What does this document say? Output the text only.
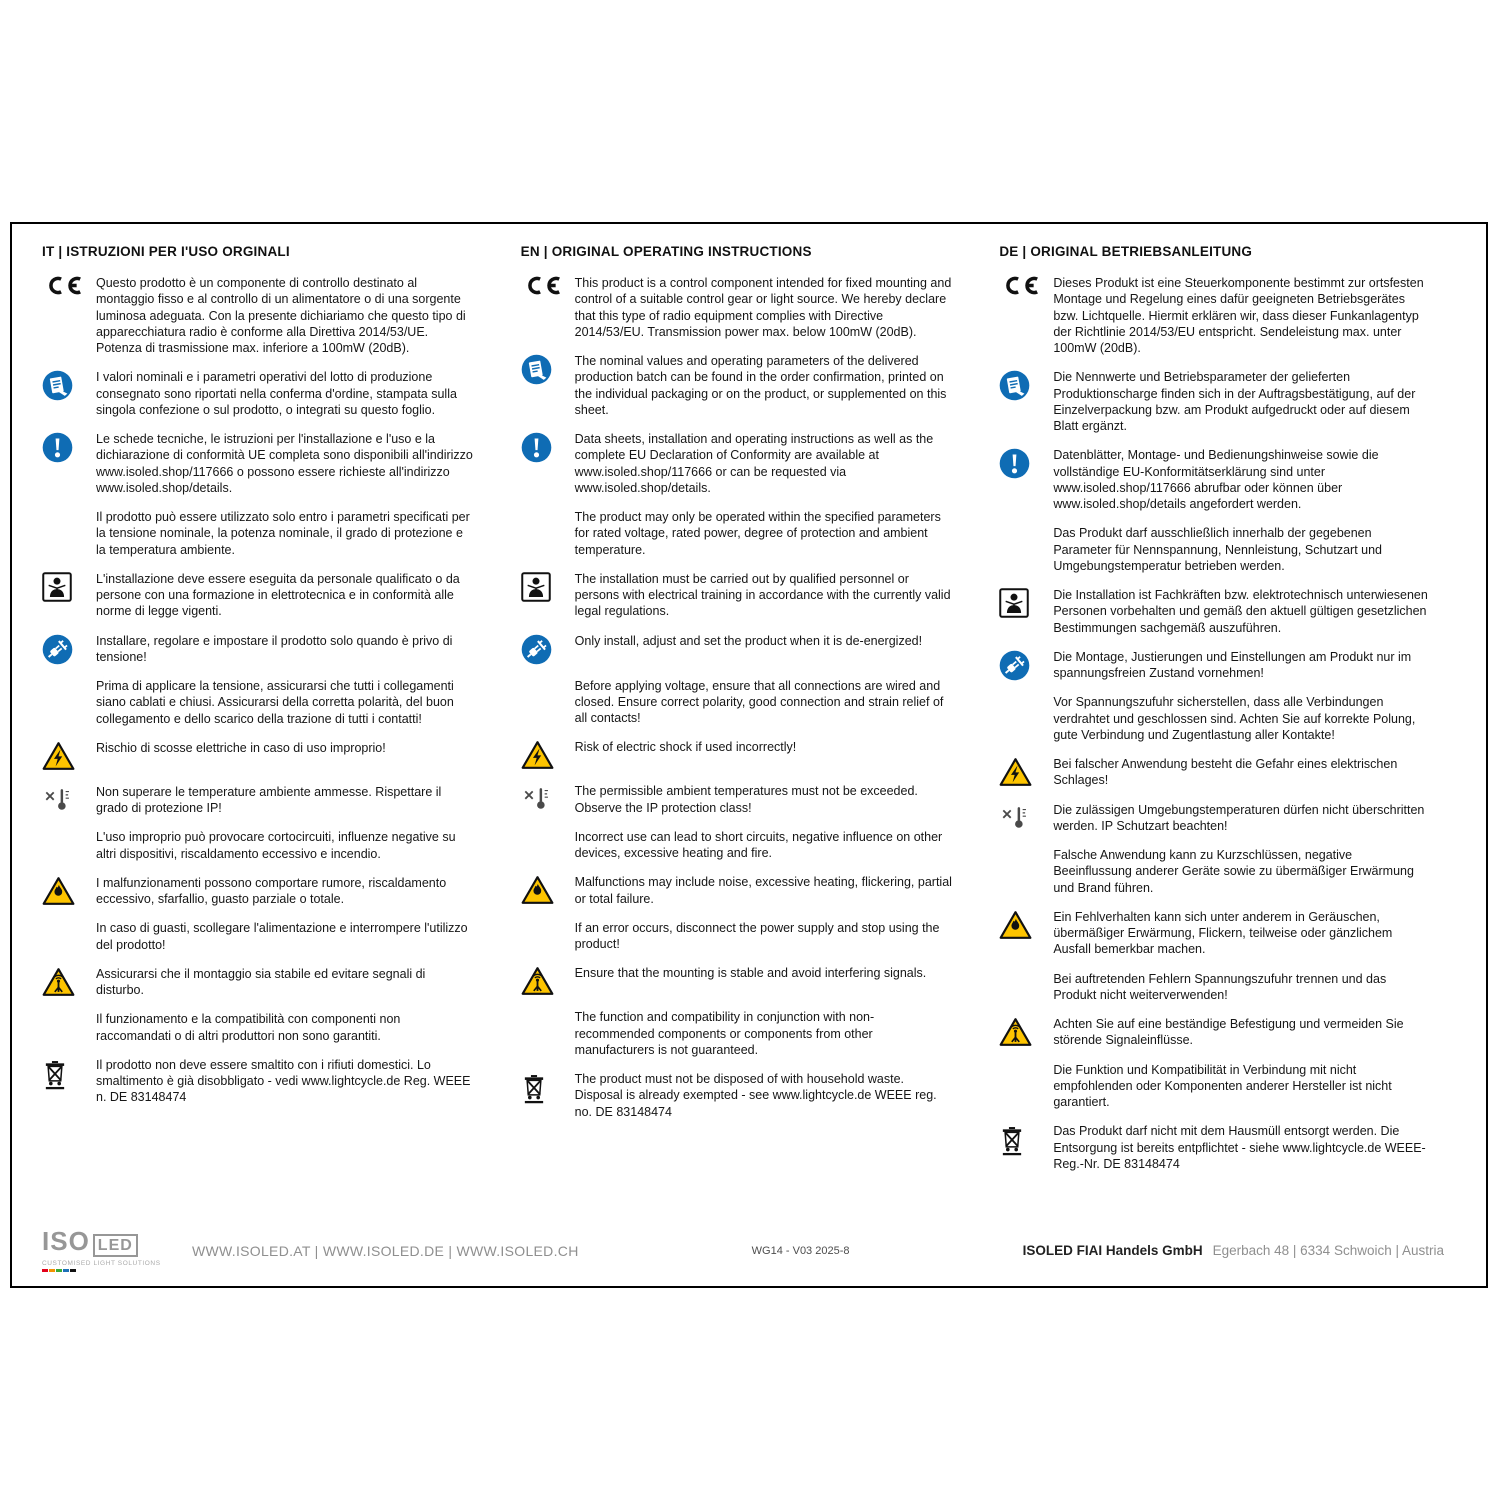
IT | ISTRUZIONI PER I'USO ORGINALI

Questo prodotto è un componente di controllo destinato al montaggio fisso e al controllo di un alimentatore o di una sorgente luminosa adeguata. Con la presente dichiariamo che questo tipo di apparecchiatura radio è conforme alla Direttiva 2014/53/UE. Potenza di trasmissione max. inferiore a 100mW (20dB).

I valori nominali e i parametri operativi del lotto di produzione consegnato sono riportati nella conferma d'ordine, stampata sulla singola confezione o sul prodotto, o integrati su questo foglio.

Le schede tecniche, le istruzioni per l'installazione e l'uso e la dichiarazione di conformità UE completa sono disponibili all'indirizzo www.isoled.shop/117666 o possono essere richieste all'indirizzo www.isoled.shop/details.

Il prodotto può essere utilizzato solo entro i parametri specificati per la tensione nominale, la potenza nominale, il grado di protezione e la temperatura ambiente.

L'installazione deve essere eseguita da personale qualificato o da persone con una formazione in elettrotecnica e in conformità alle norme di legge vigenti.

Installare, regolare e impostare il prodotto solo quando è privo di tensione!

Prima di applicare la tensione, assicurarsi che tutti i collegamenti siano cablati e chiusi. Assicurarsi della corretta polarità, del buon collegamento e dello scarico della trazione di tutti i contatti!

Rischio di scosse elettriche in caso di uso improprio!

Non superare le temperature ambiente ammesse. Rispettare il grado di protezione IP!

L'uso improprio può provocare cortocircuiti, influenze negative su altri dispositivi, riscaldamento eccessivo e incendio.

I malfunzionamenti possono comportare rumore, riscaldamento eccessivo, sfarfallio, guasto parziale o totale.

In caso di guasti, scollegare l'alimentazione e interrompere l'utilizzo del prodotto!

Assicurarsi che il montaggio sia stabile ed evitare segnali di disturbo.

Il funzionamento e la compatibilità con componenti non raccomandati o di altri produttori non sono garantiti.

Il prodotto non deve essere smaltito con i rifiuti domestici. Lo smaltimento è già disobbligato - vedi www.lightcycle.de Reg. WEEE n. DE 83148474

EN | ORIGINAL OPERATING INSTRUCTIONS

This product is a control component intended for fixed mounting and control of a suitable control gear or light source. We hereby declare that this type of radio equipment complies with Directive 2014/53/EU. Transmission power max. below 100mW (20dB).

The nominal values and operating parameters of the delivered production batch can be found in the order confirmation, printed on the individual packaging or on the product, or supplemented on this sheet.

Data sheets, installation and operating instructions as well as the complete EU Declaration of Conformity are available at www.isoled.shop/117666 or can be requested via www.isoled.shop/details.

The product may only be operated within the specified parameters for rated voltage, rated power, degree of protection and ambient temperature.

The installation must be carried out by qualified personnel or persons with electrical training in accordance with the currently valid legal regulations.

Only install, adjust and set the product when it is de-energized!

Before applying voltage, ensure that all connections are wired and closed. Ensure correct polarity, good connection and strain relief of all contacts!

Risk of electric shock if used incorrectly!

The permissible ambient temperatures must not be exceeded. Observe the IP protection class!

Incorrect use can lead to short circuits, negative influence on other devices, excessive heating and fire.

Malfunctions may include noise, excessive heating, flickering, partial or total failure.

If an error occurs, disconnect the power supply and stop using the product!

Ensure that the mounting is stable and avoid interfering signals.

The function and compatibility in conjunction with non-recommended components or components from other manufacturers is not guaranteed.

The product must not be disposed of with household waste. Disposal is already exempted - see www.lightcycle.de WEEE reg. no. DE 83148474

DE | ORIGINAL BETRIEBSANLEITUNG

Dieses Produkt ist eine Steuerkomponente bestimmt zur ortsfesten Montage und Regelung eines dafür geeigneten Betriebsgerätes bzw. Lichtquelle. Hiermit erklären wir, dass dieser Funkanlagentyp der Richtlinie 2014/53/EU entspricht. Sendeleistung max. unter 100mW (20dB).

Die Nennwerte und Betriebsparameter der gelieferten Produktionscharge finden sich in der Auftragsbestätigung, auf der Einzelverpackung bzw. am Produkt aufgedruckt oder auf diesem Blatt ergänzt.

Datenblätter, Montage- und Bedienungshinweise sowie die vollständige EU-Konformitätserklärung sind unter www.isoled.shop/117666 abrufbar oder können über www.isoled.shop/details angefordert werden.

Das Produkt darf ausschließlich innerhalb der gegebenen Parameter für Nennspannung, Nennleistung, Schutzart und Umgebungstemperatur betrieben werden.

Die Installation ist Fachkräften bzw. elektrotechnisch unterwiesenen Personen vorbehalten und gemäß den aktuell gültigen gesetzlichen Bestimmungen sachgemäß auszuführen.

Die Montage, Justierungen und Einstellungen am Produkt nur im spannungsfreien Zustand vornehmen!

Vor Spannungszufuhr sicherstellen, dass alle Verbindungen verdrahtet und geschlossen sind. Achten Sie auf korrekte Polung, gute Verbindung und Zugentlastung aller Kontakte!

Bei falscher Anwendung besteht die Gefahr eines elektrischen Schlages!

Die zulässigen Umgebungstemperaturen dürfen nicht überschritten werden. IP Schutzart beachten!

Falsche Anwendung kann zu Kurzschlüssen, negative Beeinflussung anderer Geräte sowie zu übermäßiger Erwärmung und Brand führen.

Ein Fehlverhalten kann sich unter anderem in Geräuschen, übermäßiger Erwärmung, Flickern, teilweise oder gänzlichem Ausfall bemerkbar machen.

Bei auftretenden Fehlern Spannungszufuhr trennen und das Produkt nicht weiterverwenden!

Achten Sie auf eine beständige Befestigung und vermeiden Sie störende Signaleinflüsse.

Die Funktion und Kompatibilität in Verbindung mit nicht empfohlenden oder Komponenten anderer Hersteller ist nicht garantiert.

Das Produkt darf nicht mit dem Hausmüll entsorgt werden. Die Entsorgung ist bereits entpflichtet - siehe www.lightcycle.de WEEE-Reg.-Nr. DE 83148474

ISO LED
CUSTOMISED LIGHT SOLUTIONS
WWW.ISOLED.AT | WWW.ISOLED.DE | WWW.ISOLED.CH	WG14 - V03 2025-8	ISOLED FIAI Handels GmbH Egerbach 48 | 6334 Schwoich | Austria
